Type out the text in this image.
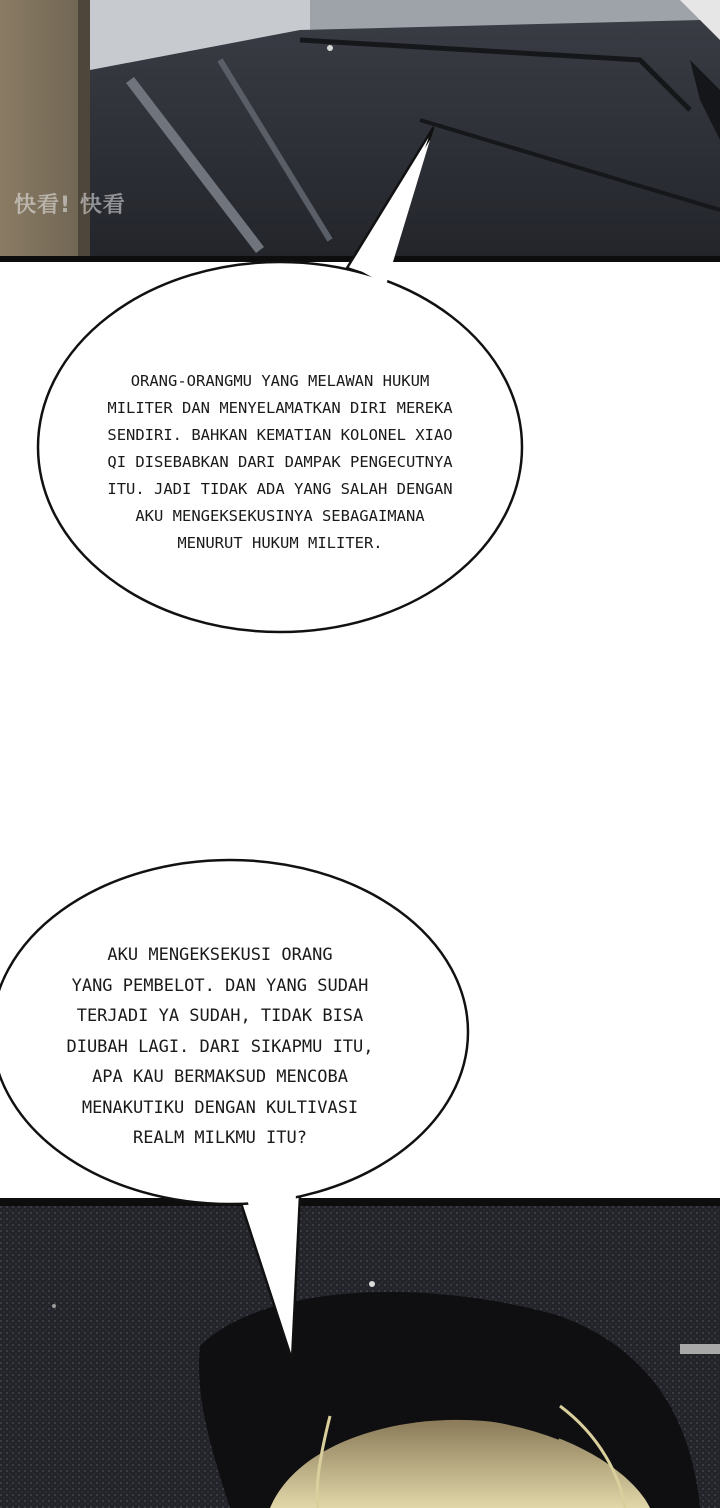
快看! 快看
ORANG-ORANGMU YANG MELAWAN HUKUM
MILITER DAN MENYELAMATKAN DIRI MEREKA
SENDIRI. BAHKAN KEMATIAN KOLONEL XIAO
QI DISEBABKAN DARI DAMPAK PENGECUTNYA
ITU. JADI TIDAK ADA YANG SALAH DENGAN
AKU MENGEKSEKUSINYA SEBAGAIMANA
MENURUT HUKUM MILITER.
AKU MENGEKSEKUSI ORANG
YANG PEMBELOT. DAN YANG SUDAH
TERJADI YA SUDAH, TIDAK BISA
DIUBAH LAGI. DARI SIKAPMU ITU,
APA KAU BERMAKSUD MENCOBA
MENAKUTIKU DENGAN KULTIVASI
REALM MILKMU ITU?
